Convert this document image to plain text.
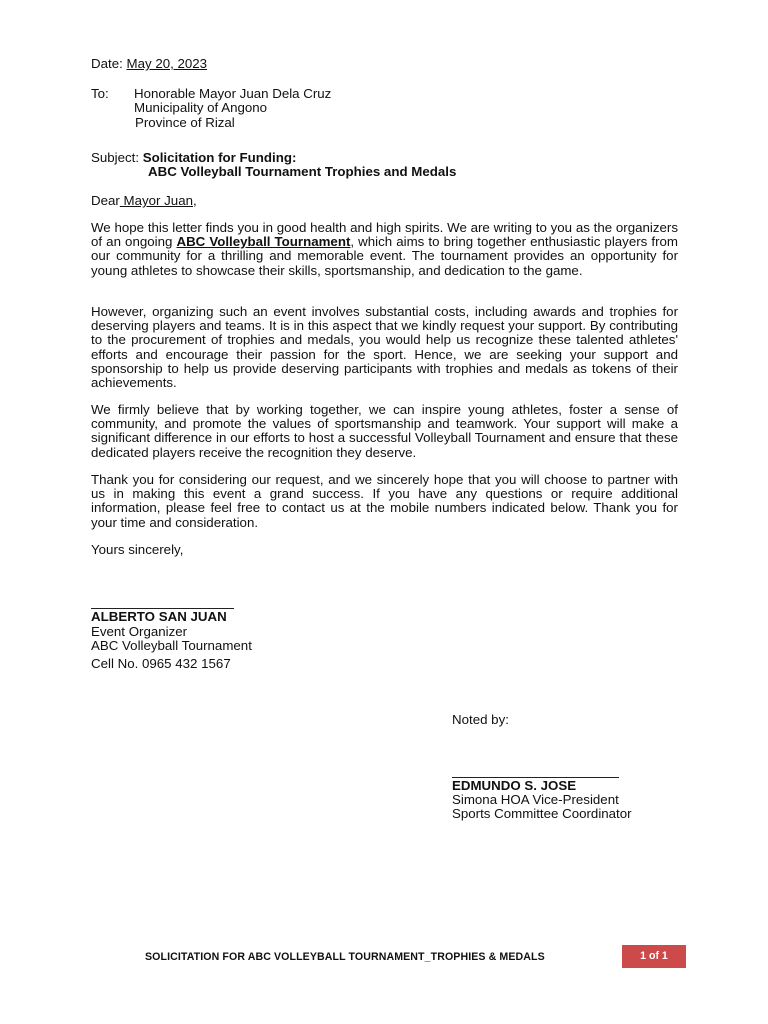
Date: May 20, 2023
To: Honorable Mayor Juan Dela Cruz
Municipality of Angono
Province of Rizal
Subject: Solicitation for Funding:
ABC Volleyball Tournament Trophies and Medals
Dear Mayor Juan,

We hope this letter finds you in good health and high spirits. We are writing to you as the organizers of an ongoing ABC Volleyball Tournament, which aims to bring together enthusiastic players from our community for a thrilling and memorable event. The tournament provides an opportunity for young athletes to showcase their skills, sportsmanship, and dedication to the game.

However, organizing such an event involves substantial costs, including awards and trophies for deserving players and teams. It is in this aspect that we kindly request your support. By contributing to the procurement of trophies and medals, you would help us recognize these talented athletes' efforts and encourage their passion for the sport. Hence, we are seeking your support and sponsorship to help us provide deserving participants with trophies and medals as tokens of their achievements.

We firmly believe that by working together, we can inspire young athletes, foster a sense of community, and promote the values of sportsmanship and teamwork. Your support will make a significant difference in our efforts to host a successful Volleyball Tournament and ensure that these dedicated players receive the recognition they deserve.

Thank you for considering our request, and we sincerely hope that you will choose to partner with us in making this event a grand success. If you have any questions or require additional information, please feel free to contact us at the mobile numbers indicated below. Thank you for your time and consideration.

Yours sincerely,
ALBERTO SAN JUAN
Event Organizer
ABC Volleyball Tournament
Cell No. 0965 432 1567
Noted by:
EDMUNDO S. JOSE
Simona HOA Vice-President
Sports Committee Coordinator
SOLICITATION FOR ABC VOLLEYBALL TOURNAMENT_TROPHIES & MEDALS	1 of 1
